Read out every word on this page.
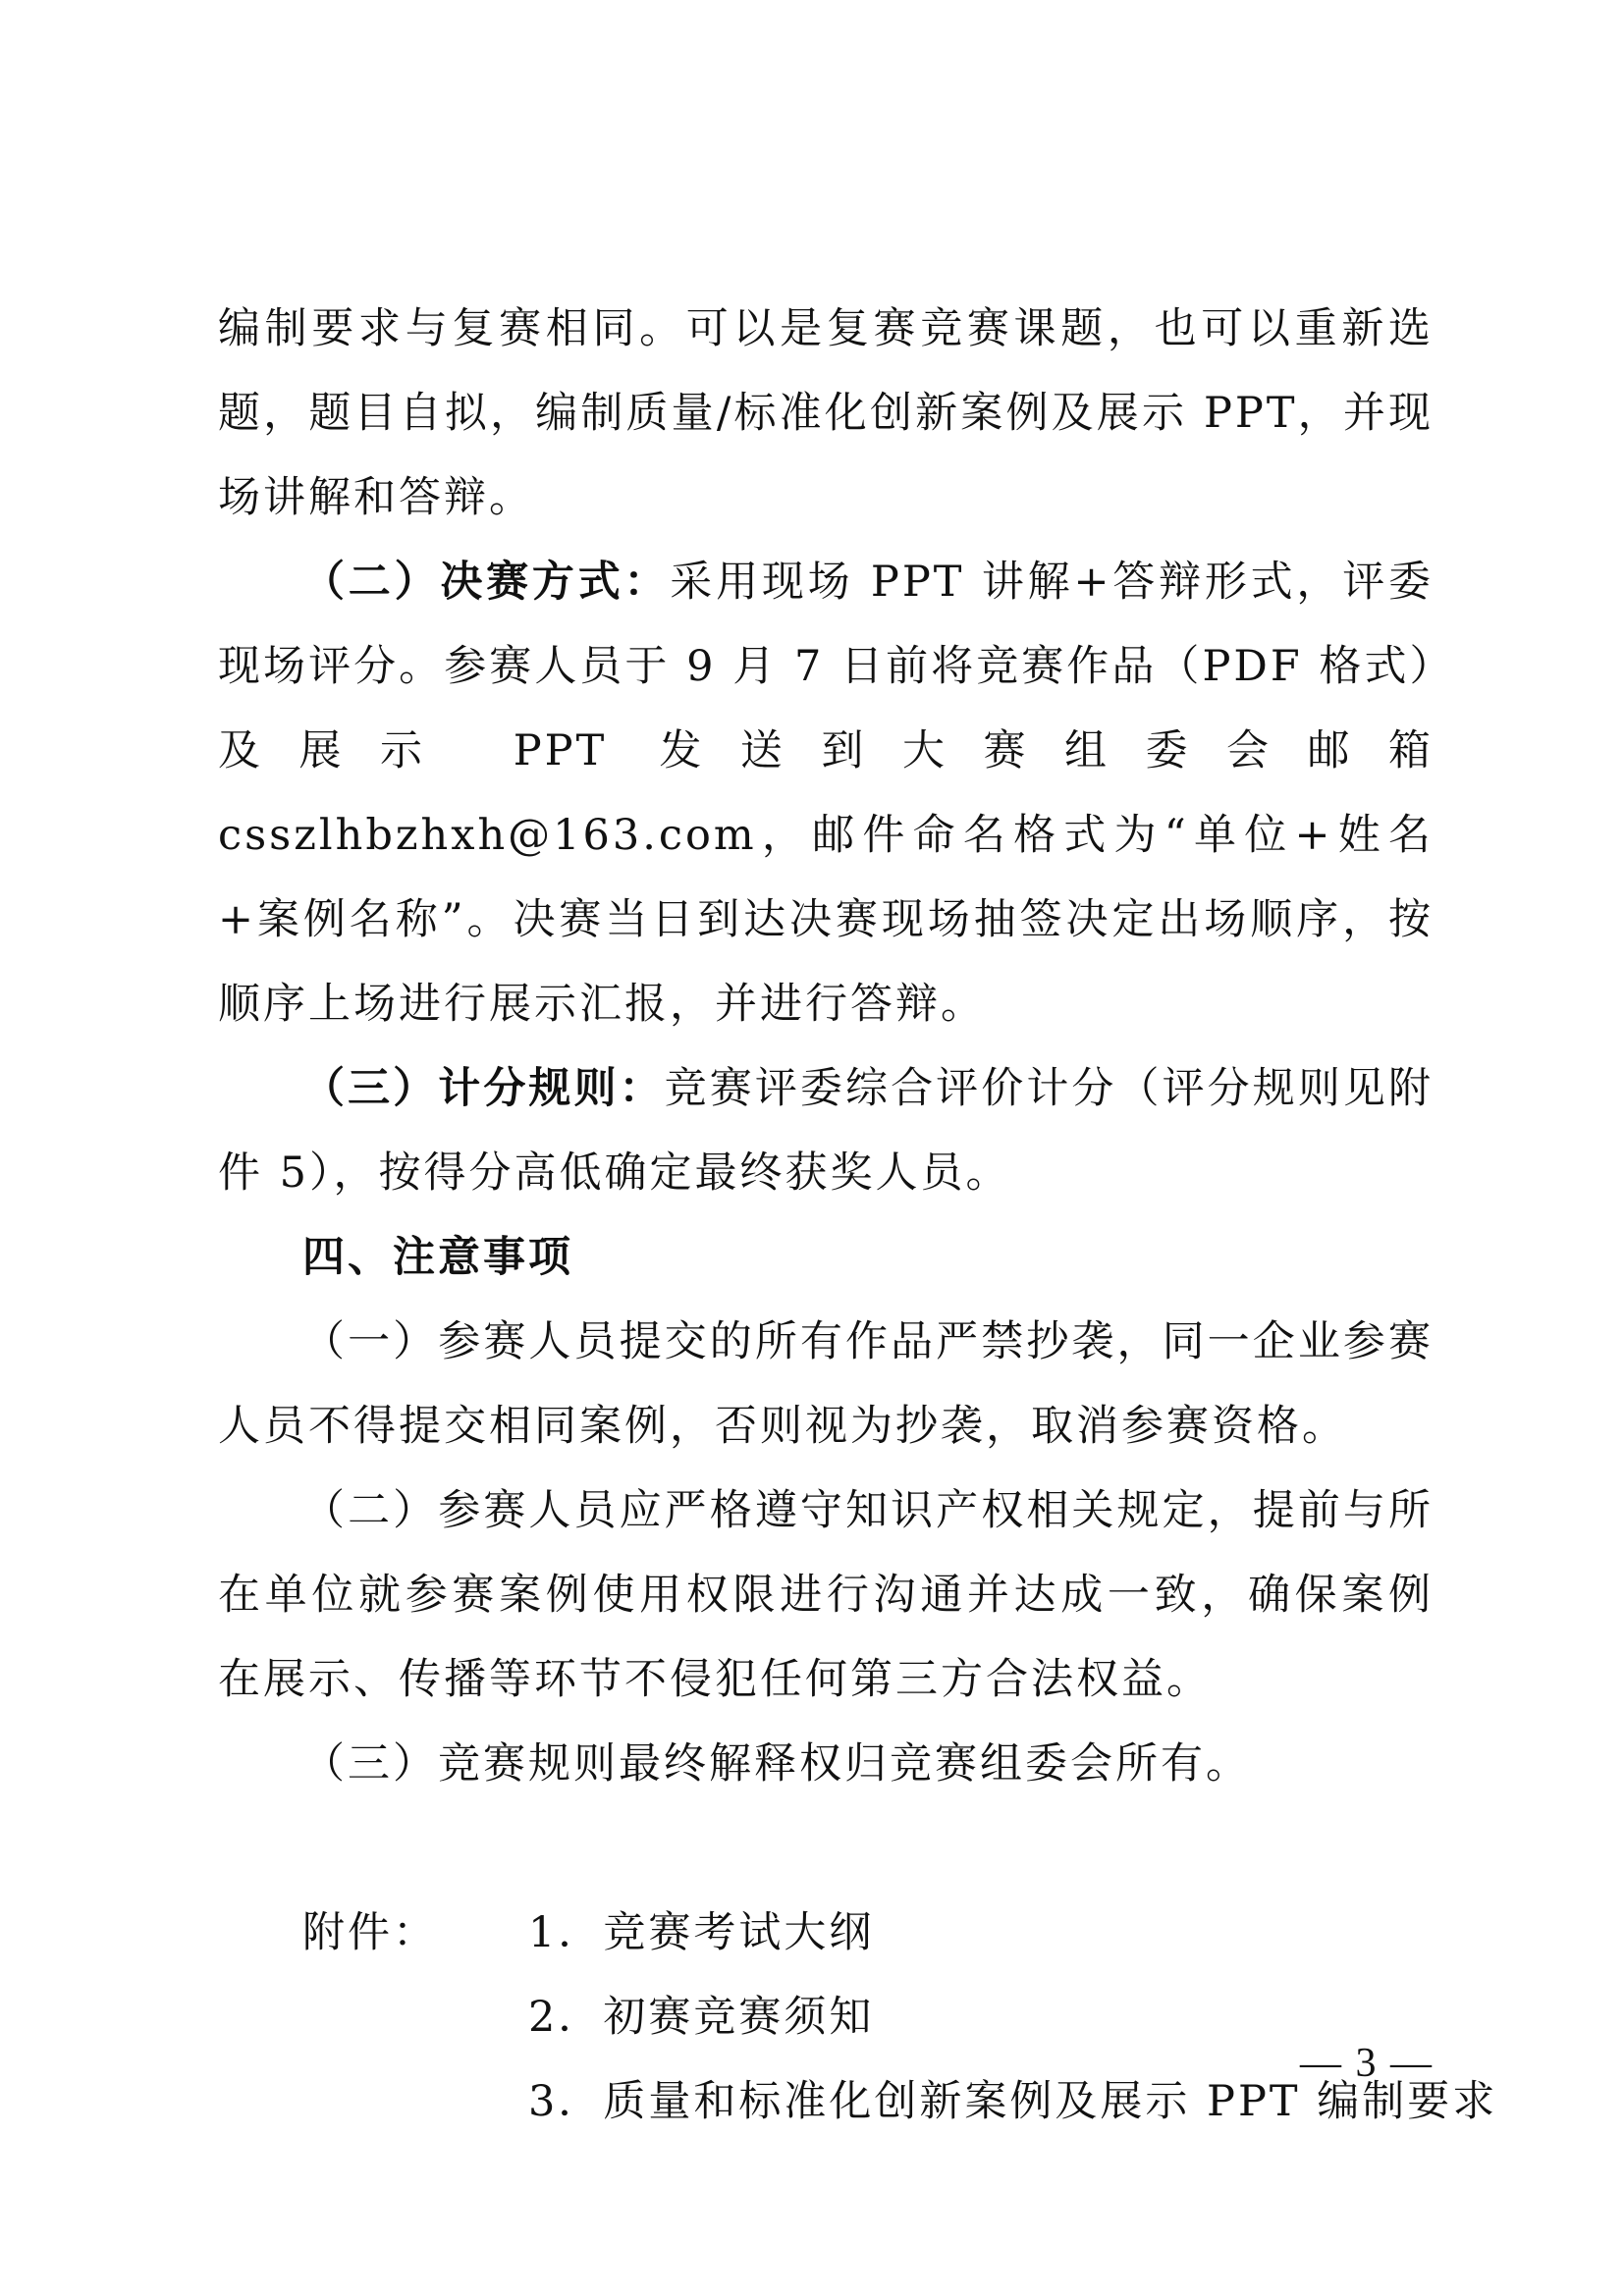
编制要求与复赛相同。可以是复赛竞赛课题，也可以重新选题，题目自拟，编制质量/标准化创新案例及展示 PPT，并现场讲解和答辩。

（二）决赛方式：采用现场 PPT 讲解+答辩形式，评委现场评分。参赛人员于 9 月 7 日前将竞赛作品（PDF 格式）及展示 PPT 发送到大赛组委会邮箱 csszlhbzhxh@163.com，邮件命名格式为“单位+姓名+案例名称”。决赛当日到达决赛现场抽签决定出场顺序，按顺序上场进行展示汇报，并进行答辩。

（三）计分规则：竞赛评委综合评价计分（评分规则见附件 5），按得分高低确定最终获奖人员。

四、注意事项

（一）参赛人员提交的所有作品严禁抄袭，同一企业参赛人员不得提交相同案例，否则视为抄袭，取消参赛资格。

（二）参赛人员应严格遵守知识产权相关规定，提前与所在单位就参赛案例使用权限进行沟通并达成一致，确保案例在展示、传播等环节不侵犯任何第三方合法权益。

（三）竞赛规则最终解释权归竞赛组委会所有。

附件：	1．竞赛考试大纲
2．初赛竞赛须知
3．质量和标准化创新案例及展示 PPT 编制要求
— 3 —
